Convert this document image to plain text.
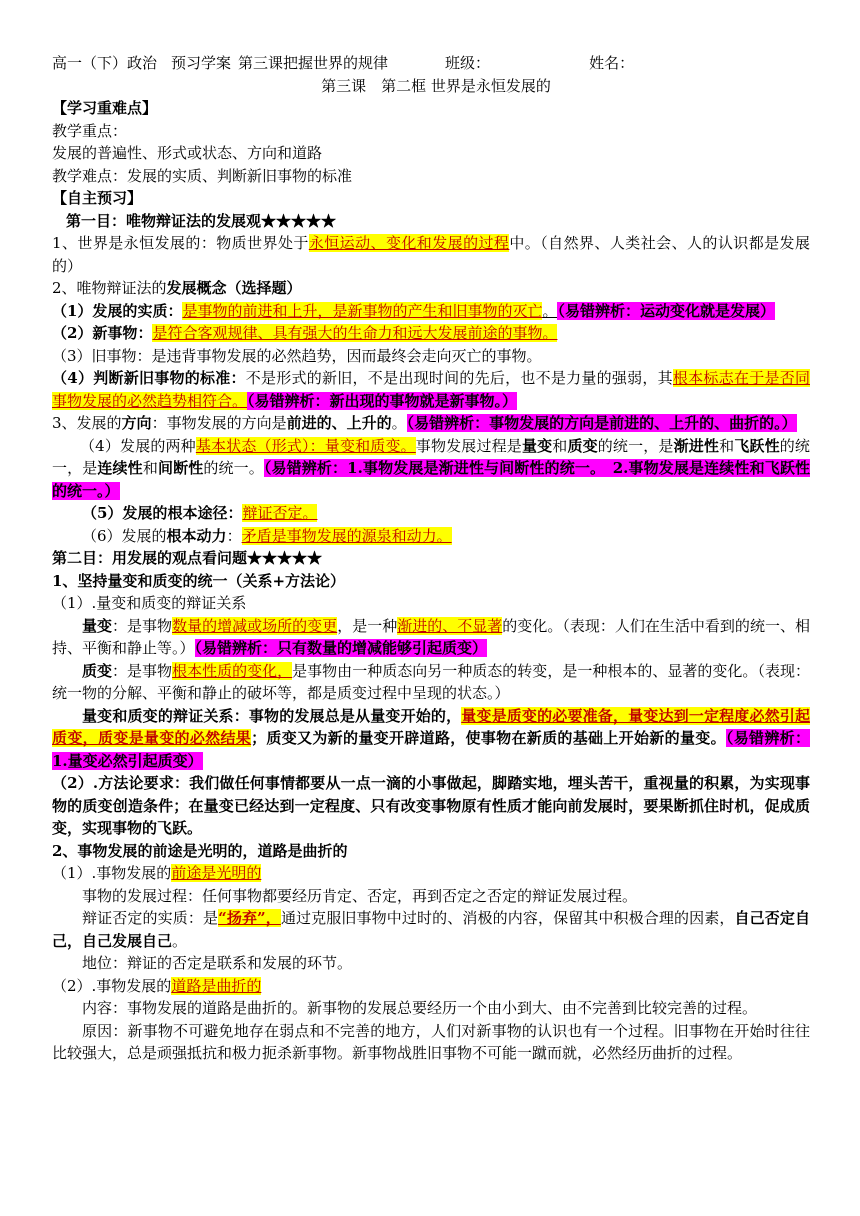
高一（下）政治 预习学案 第三课把握世界的规律	班级：	姓名：
第三课　第二框 世界是永恒发展的
【学习重难点】
教学重点：
发展的普遍性、形式或状态、方向和道路
教学难点：发展的实质、判断新旧事物的标准
【自主预习】
第一目：唯物辩证法的发展观★★★★★
1、世界是永恒发展的：物质世界处于永恒运动、变化和发展的过程中。（自然界、人类社会、人的认识都是发展的）
2、唯物辩证法的发展概念（选择题）
（1）发展的实质：是事物的前进和上升，是新事物的产生和旧事物的灭亡。（易错辨析：运动变化就是发展）
（2）新事物：是符合客观规律、具有强大的生命力和远大发展前途的事物。
（3）旧事物：是违背事物发展的必然趋势，因而最终会走向灭亡的事物。
（4）判断新旧事物的标准：不是形式的新旧，不是出现时间的先后，也不是力量的强弱，其根本标志在于是否同事物发展的必然趋势相符合。（易错辨析：新出现的事物就是新事物。）
3、发展的方向：事物发展的方向是前进的、上升的。（易错辨析：事物发展的方向是前进的、上升的、曲折的。）
（4）发展的两种基本状态（形式）：量变和质变。事物发展过程是量变和质变的统一，是渐进性和飞跃性的统一，是连续性和间断性的统一。（易错辨析：1.事物发展是渐进性与间断性的统一。　2.事物发展是连续性和飞跃性的统一。）
（5）发展的根本途径：辩证否定。
（6）发展的根本动力：矛盾是事物发展的源泉和动力。
第二目：用发展的观点看问题★★★★★
1、坚持量变和质变的统一（关系+方法论）
（1）.量变和质变的辩证关系
量变：是事物数量的增减或场所的变更，是一种渐进的、不显著的变化。（表现：人们在生活中看到的统一、相持、平衡和静止等。）（易错辨析：只有数量的增减能够引起质变）
质变：是事物根本性质的变化，是事物由一种质态向另一种质态的转变，是一种根本的、显著的变化。（表现：统一物的分解、平衡和静止的破坏等，都是质变过程中呈现的状态。）
量变和质变的辩证关系：事物的发展总是从量变开始的，量变是质变的必要准备，量变达到一定程度必然引起质变，质变是量变的必然结果；质变又为新的量变开辟道路，使事物在新质的基础上开始新的量变。（易错辨析：1.量变必然引起质变）
（2）.方法论要求：我们做任何事情都要从一点一滴的小事做起，脚踏实地，埋头苦干，重视量的积累，为实现事物的质变创造条件；在量变已经达到一定程度、只有改变事物原有性质才能向前发展时，要果断抓住时机，促成质变，实现事物的飞跃。
2、事物发展的前途是光明的，道路是曲折的
（1）.事物发展的前途是光明的
事物的发展过程：任何事物都要经历肯定、否定，再到否定之否定的辩证发展过程。
辩证否定的实质：是“扬弃”，通过克服旧事物中过时的、消极的内容，保留其中积极合理的因素，自己否定自己，自己发展自己。
地位：辩证的否定是联系和发展的环节。
（2）.事物发展的道路是曲折的
内容：事物发展的道路是曲折的。新事物的发展总要经历一个由小到大、由不完善到比较完善的过程。
原因：新事物不可避免地存在弱点和不完善的地方，人们对新事物的认识也有一个过程。旧事物在开始时往往比较强大，总是顽强抵抗和极力扼杀新事物。新事物战胜旧事物不可能一蹴而就，必然经历曲折的过程。
